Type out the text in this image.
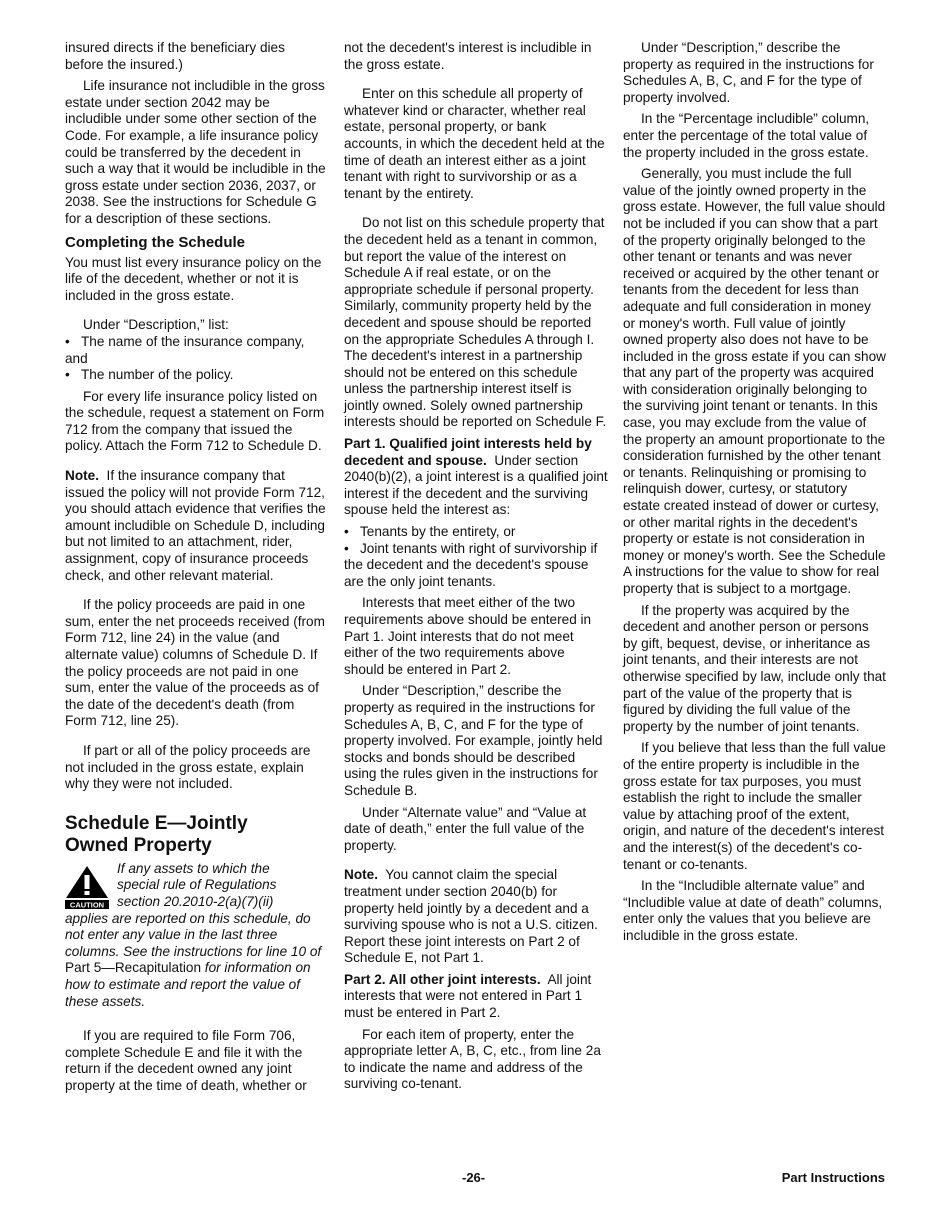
insured directs if the beneficiary dies before the insured.)

Life insurance not includible in the gross estate under section 2042 may be includible under some other section of the Code. For example, a life insurance policy could be transferred by the decedent in such a way that it would be includible in the gross estate under section 2036, 2037, or 2038. See the instructions for Schedule G for a description of these sections.

Completing the Schedule

You must list every insurance policy on the life of the decedent, whether or not it is included in the gross estate.

Under “Description,” list:

• The name of the insurance company, and
• The number of the policy.

For every life insurance policy listed on the schedule, request a statement on Form 712 from the company that issued the policy. Attach the Form 712 to Schedule D.

Note. If the insurance company that issued the policy will not provide Form 712, you should attach evidence that verifies the amount includible on Schedule D, including but not limited to an attachment, rider, assignment, copy of insurance proceeds check, and other relevant material.

If the policy proceeds are paid in one sum, enter the net proceeds received (from Form 712, line 24) in the value (and alternate value) columns of Schedule D. If the policy proceeds are not paid in one sum, enter the value of the proceeds as of the date of the decedent's death (from Form 712, line 25).

If part or all of the policy proceeds are not included in the gross estate, explain why they were not included.

Schedule E—Jointly
Owned Property
CAUTION

If any assets to which the
special rule of Regulations
section 20.2010-2(a)(7)(ii)
applies are reported on this schedule, do not enter any value in the last three columns. See the instructions for line 10 of Part 5—Recapitulation for information on how to estimate and report the value of these assets.

If you are required to file Form 706, complete Schedule E and file it with the return if the decedent owned any joint property at the time of death, whether or

not the decedent's interest is includible in the gross estate.

Enter on this schedule all property of whatever kind or character, whether real estate, personal property, or bank accounts, in which the decedent held at the time of death an interest either as a joint tenant with right to survivorship or as a tenant by the entirety.

Do not list on this schedule property that the decedent held as a tenant in common, but report the value of the interest on Schedule A if real estate, or on the appropriate schedule if personal property. Similarly, community property held by the decedent and spouse should be reported on the appropriate Schedules A through I. The decedent's interest in a partnership should not be entered on this schedule unless the partnership interest itself is jointly owned. Solely owned partnership interests should be reported on Schedule F.

Part 1. Qualified joint interests held by decedent and spouse. Under section 2040(b)(2), a joint interest is a qualified joint interest if the decedent and the surviving spouse held the interest as:

• Tenants by the entirety, or
• Joint tenants with right of survivorship if the decedent and the decedent's spouse are the only joint tenants.

Interests that meet either of the two requirements above should be entered in Part 1. Joint interests that do not meet either of the two requirements above should be entered in Part 2.

Under “Description,” describe the property as required in the instructions for Schedules A, B, C, and F for the type of property involved. For example, jointly held stocks and bonds should be described using the rules given in the instructions for Schedule B.

Under “Alternate value” and “Value at date of death,” enter the full value of the property.

Note. You cannot claim the special treatment under section 2040(b) for property held jointly by a decedent and a surviving spouse who is not a U.S. citizen. Report these joint interests on Part 2 of Schedule E, not Part 1.

Part 2. All other joint interests. All joint interests that were not entered in Part 1 must be entered in Part 2.

For each item of property, enter the appropriate letter A, B, C, etc., from line 2a to indicate the name and address of the surviving co-tenant.

Under “Description,” describe the property as required in the instructions for Schedules A, B, C, and F for the type of property involved.

In the “Percentage includible” column, enter the percentage of the total value of the property included in the gross estate.

Generally, you must include the full value of the jointly owned property in the gross estate. However, the full value should not be included if you can show that a part of the property originally belonged to the other tenant or tenants and was never received or acquired by the other tenant or tenants from the decedent for less than adequate and full consideration in money or money's worth. Full value of jointly owned property also does not have to be included in the gross estate if you can show that any part of the property was acquired with consideration originally belonging to the surviving joint tenant or tenants. In this case, you may exclude from the value of the property an amount proportionate to the consideration furnished by the other tenant or tenants. Relinquishing or promising to relinquish dower, curtesy, or statutory estate created instead of dower or curtesy, or other marital rights in the decedent's property or estate is not consideration in money or money's worth. See the Schedule A instructions for the value to show for real property that is subject to a mortgage.

If the property was acquired by the decedent and another person or persons by gift, bequest, devise, or inheritance as joint tenants, and their interests are not otherwise specified by law, include only that part of the value of the property that is figured by dividing the full value of the property by the number of joint tenants.

If you believe that less than the full value of the entire property is includible in the gross estate for tax purposes, you must establish the right to include the smaller value by attaching proof of the extent, origin, and nature of the decedent's interest and the interest(s) of the decedent's co-tenant or co-tenants.

In the “Includible alternate value” and “Includible value at date of death” columns, enter only the values that you believe are includible in the gross estate.

-26-	Part Instructions
